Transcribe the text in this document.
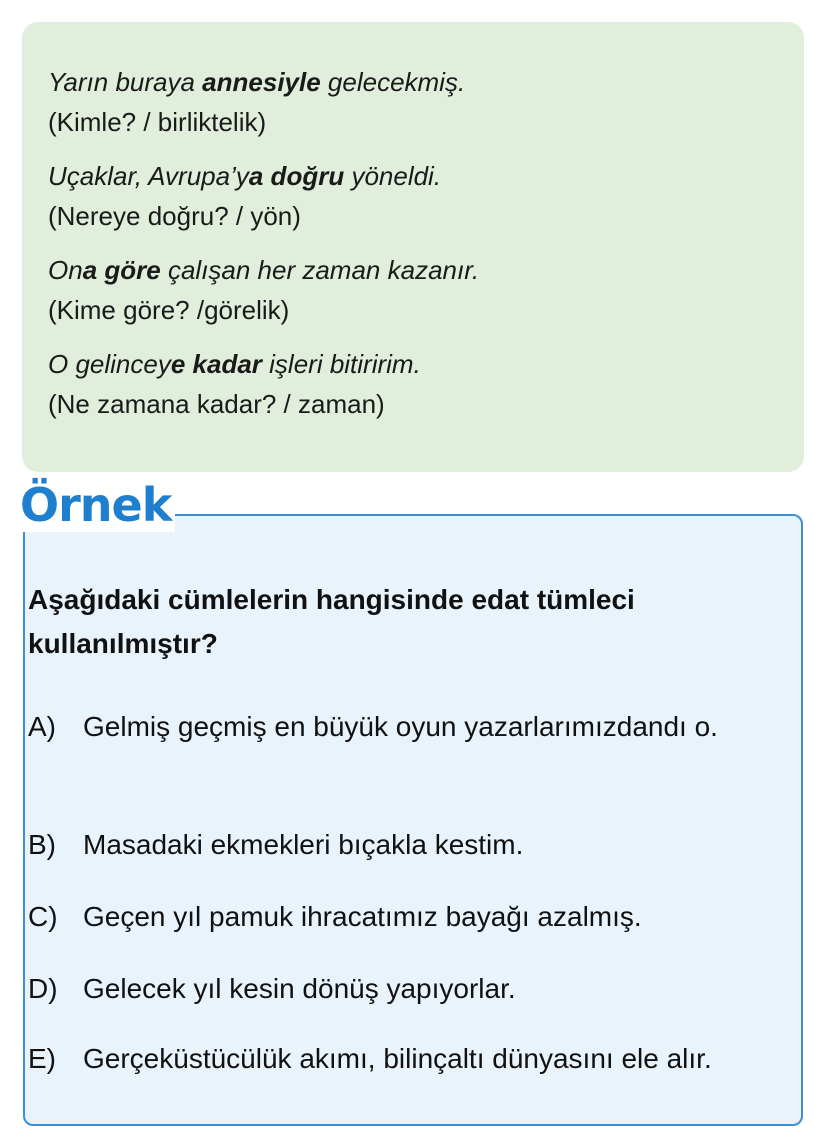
Yarın buraya annesiyle gelecekmiş.

(Kimle? / birliktelik)

Uçaklar, Avrupa’ya doğru yöneldi.

(Nereye doğru? / yön)

Ona göre çalışan her zaman kazanır.

(Kime göre? /görelik)

O gelinceye kadar işleri bitiririm.

(Ne zamana kadar? / zaman)

Örnek

Aşağıdaki cümlelerin hangisinde edat tümleci kullanılmıştır?

A) Gelmiş geçmiş en büyük oyun yazarlarımızdandı o.
B) Masadaki ekmekleri bıçakla kestim.
C) Geçen yıl pamuk ihracatımız bayağı azalmış.
D) Gelecek yıl kesin dönüş yapıyorlar.
E) Gerçeküstücülük akımı, bilinçaltı dünyasını ele alır.
